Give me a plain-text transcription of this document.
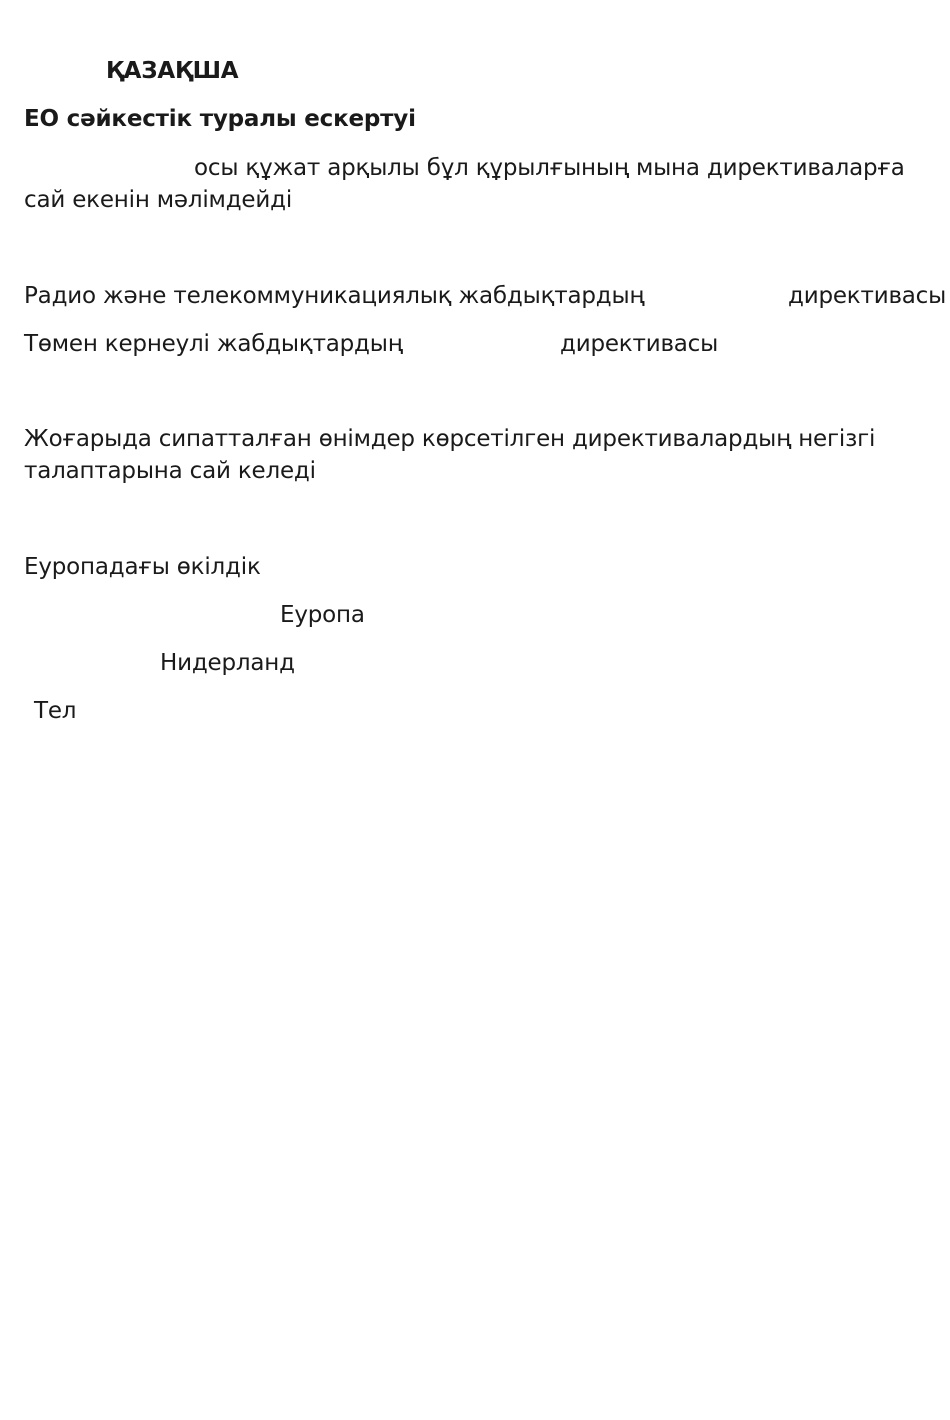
ҚАЗАҚША

ЕО сәйкестік туралы ескертуі

осы құжат арқылы бұл құрылғының мына директиваларға

сай екенін мәлімдейді

Радио және телекоммуникациялық жабдықтардың	директивасы

Төмен кернеулі жабдықтардың	директивасы

Жоғарыда сипатталған өнімдер көрсетілген директивалардың негізгі

талаптарына сай келеді

Еуропадағы өкілдік

Еуропа

Нидерланд

Тел
